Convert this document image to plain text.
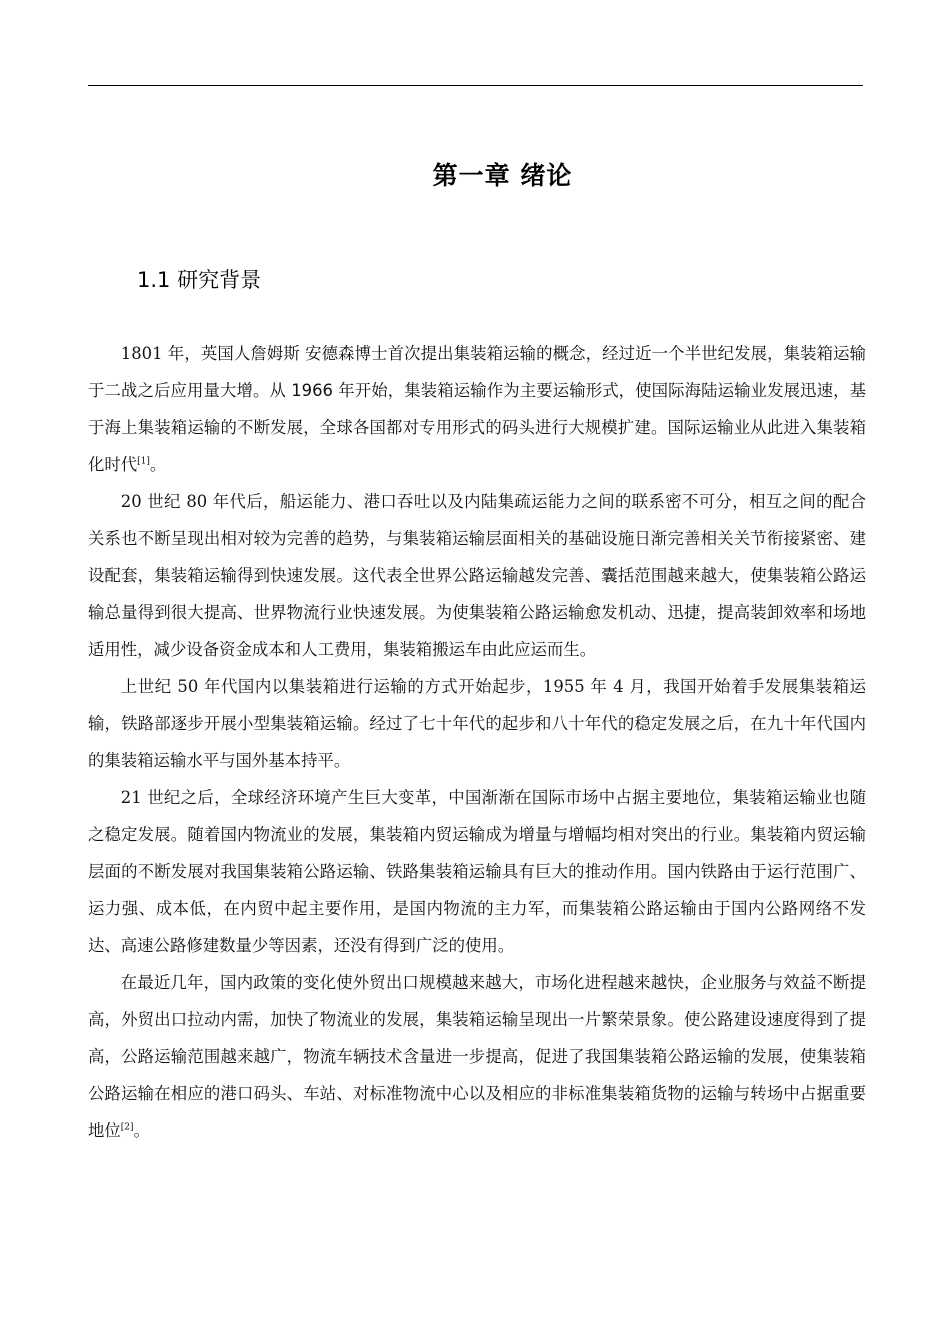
第一章 绪论
1.1 研究背景

1801 年，英国人詹姆斯 安德森博士首次提出集装箱运输的概念，经过近一个半世纪发展，集装箱运输于二战之后应用量大增。从 1966 年开始，集装箱运输作为主要运输形式，使国际海陆运输业发展迅速，基于海上集装箱运输的不断发展，全球各国都对专用形式的码头进行大规模扩建。国际运输业从此进入集装箱化时代[1]。

20 世纪 80 年代后，船运能力、港口吞吐以及内陆集疏运能力之间的联系密不可分，相互之间的配合关系也不断呈现出相对较为完善的趋势，与集装箱运输层面相关的基础设施日渐完善相关关节衔接紧密、建设配套，集装箱运输得到快速发展。这代表全世界公路运输越发完善、囊括范围越来越大，使集装箱公路运输总量得到很大提高、世界物流行业快速发展。为使集装箱公路运输愈发机动、迅捷，提高装卸效率和场地适用性，减少设备资金成本和人工费用，集装箱搬运车由此应运而生。

上世纪 50 年代国内以集装箱进行运输的方式开始起步，1955 年 4 月，我国开始着手发展集装箱运输，铁路部逐步开展小型集装箱运输。经过了七十年代的起步和八十年代的稳定发展之后，在九十年代国内的集装箱运输水平与国外基本持平。

21 世纪之后，全球经济环境产生巨大变革，中国渐渐在国际市场中占据主要地位，集装箱运输业也随之稳定发展。随着国内物流业的发展，集装箱内贸运输成为增量与增幅均相对突出的行业。集装箱内贸运输层面的不断发展对我国集装箱公路运输、铁路集装箱运输具有巨大的推动作用。国内铁路由于运行范围广、运力强、成本低，在内贸中起主要作用，是国内物流的主力军，而集装箱公路运输由于国内公路网络不发达、高速公路修建数量少等因素，还没有得到广泛的使用。

在最近几年，国内政策的变化使外贸出口规模越来越大，市场化进程越来越快，企业服务与效益不断提高，外贸出口拉动内需，加快了物流业的发展，集装箱运输呈现出一片繁荣景象。使公路建设速度得到了提高，公路运输范围越来越广，物流车辆技术含量进一步提高，促进了我国集装箱公路运输的发展，使集装箱公路运输在相应的港口码头、车站、对标准物流中心以及相应的非标准集装箱货物的运输与转场中占据重要地位[2]。
